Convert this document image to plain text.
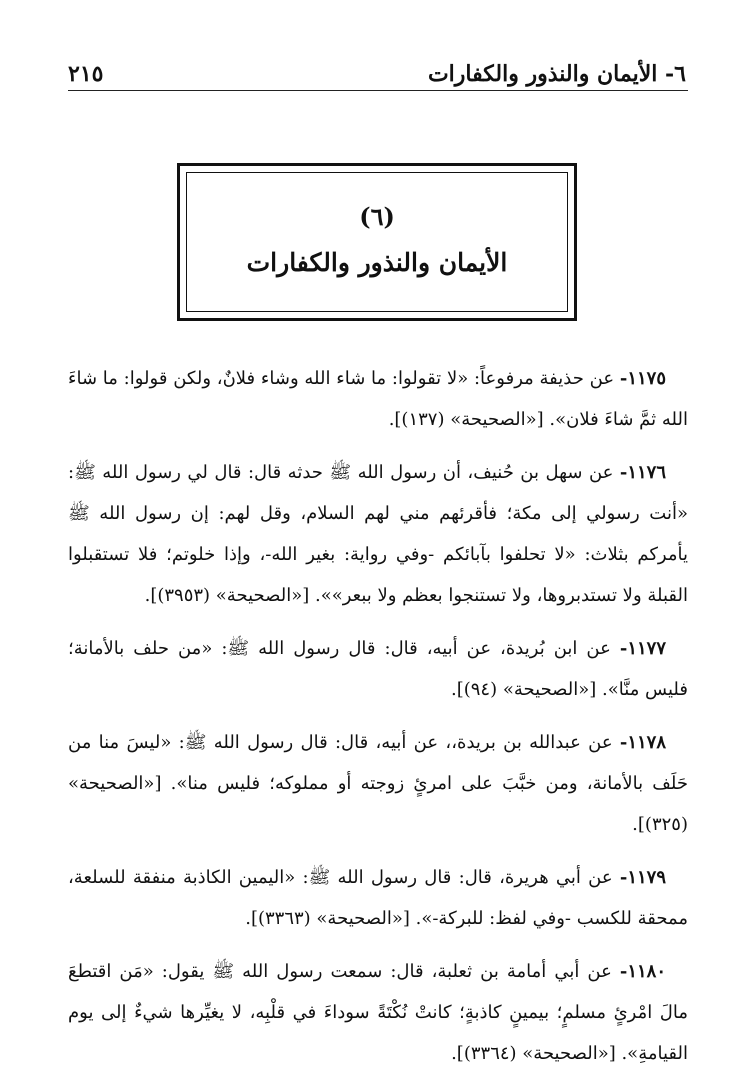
٦- الأيمان والنذور والكفارات
٢١٥
(٦)
الأيمان والنذور والكفارات

١١٧٥- عن حذيفة مرفوعاً: «لا تقولوا: ما شاء الله وشاء فلانٌ، ولكن قولوا: ما شاءَ الله ثمَّ شاءَ فلان». [«الصحيحة» (١٣٧)].

١١٧٦- عن سهل بن حُنيف، أن رسول الله ﷺ حدثه قال: قال لي رسول الله ﷺ: «أنت رسولي إلى مكة؛ فأقرئهم مني لهم السلام، وقل لهم: إن رسول الله ﷺ يأمركم بثلاث: «لا تحلفوا بآبائكم -وفي رواية: بغير الله-، وإذا خلوتم؛ فلا تستقبلوا القبلة ولا تستدبروها، ولا تستنجوا بعظم ولا ببعر»». [«الصحيحة» (٣٩٥٣)].

١١٧٧- عن ابن بُريدة، عن أبيه، قال: قال رسول الله ﷺ: «من حلف بالأمانة؛ فليس منَّا». [«الصحيحة» (٩٤)].

١١٧٨- عن عبدالله بن بريدة،، عن أبيه، قال: قال رسول الله ﷺ: «ليسَ منا من حَلَف بالأمانة، ومن خبَّبَ على امرئٍ زوجته أو مملوكه؛ فليس منا». [«الصحيحة» (٣٢٥)].

١١٧٩- عن أبي هريرة، قال: قال رسول الله ﷺ: «اليمين الكاذبة منفقة للسلعة، ممحقة للكسب -وفي لفظ: للبركة-». [«الصحيحة» (٣٣٦٣)].

١١٨٠- عن أبي أمامة بن ثعلبة، قال: سمعت رسول الله ﷺ يقول: «مَن اقتطعَ مالَ امْرئٍ مسلمٍ؛ بيمينٍ كاذبةٍ؛ كانتْ نُكْتَةً سوداءَ في قلْبِه، لا يغيِّرها شيءٌ إلى يوم القيامةِ». [«الصحيحة» (٣٣٦٤)].
